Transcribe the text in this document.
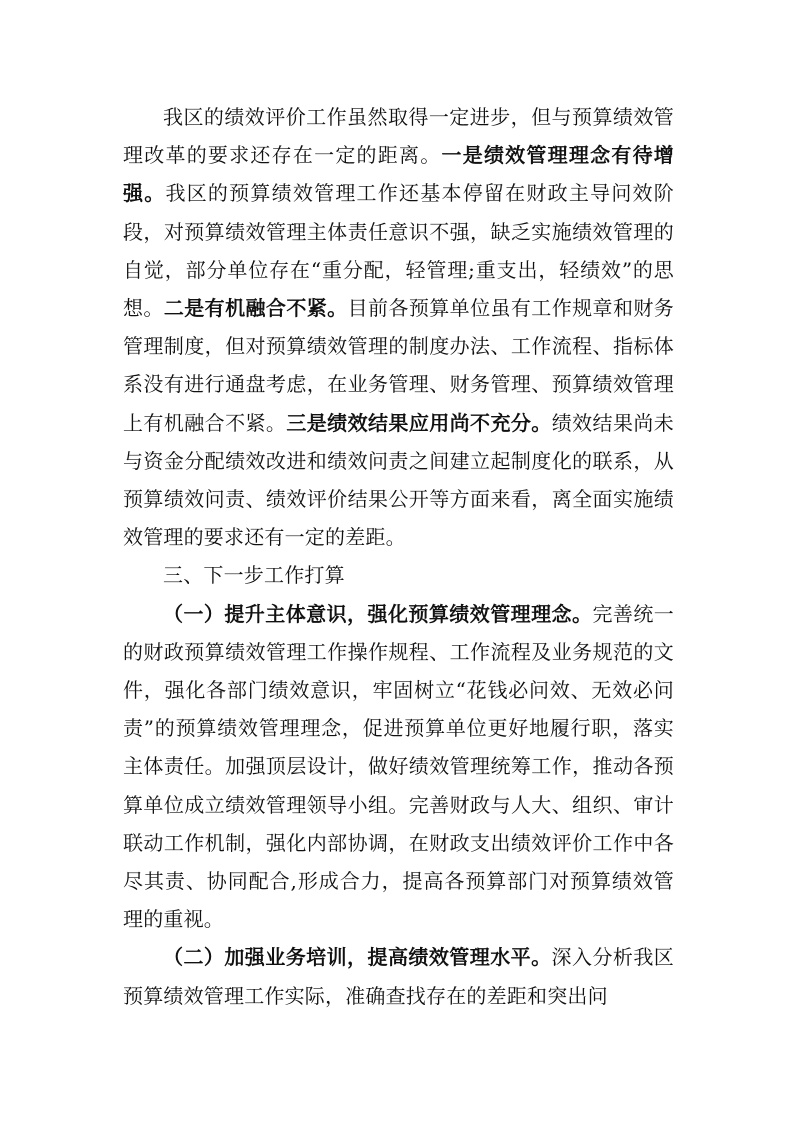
我区的绩效评价工作虽然取得一定进步，但与预算绩效管理改革的要求还存在一定的距离。一是绩效管理理念有待增强。我区的预算绩效管理工作还基本停留在财政主导问效阶段，对预算绩效管理主体责任意识不强，缺乏实施绩效管理的自觉，部分单位存在“重分配，轻管理;重支出，轻绩效”的思想。二是有机融合不紧。目前各预算单位虽有工作规章和财务管理制度，但对预算绩效管理的制度办法、工作流程、指标体系没有进行通盘考虑，在业务管理、财务管理、预算绩效管理上有机融合不紧。三是绩效结果应用尚不充分。绩效结果尚未与资金分配绩效改进和绩效问责之间建立起制度化的联系，从预算绩效问责、绩效评价结果公开等方面来看，离全面实施绩效管理的要求还有一定的差距。

三、下一步工作打算

（一）提升主体意识，强化预算绩效管理理念。完善统一的财政预算绩效管理工作操作规程、工作流程及业务规范的文件，强化各部门绩效意识，牢固树立“花钱必问效、无效必问责”的预算绩效管理理念，促进预算单位更好地履行职，落实主体责任。加强顶层设计，做好绩效管理统筹工作，推动各预算单位成立绩效管理领导小组。完善财政与人大、组织、审计联动工作机制，强化内部协调，在财政支出绩效评价工作中各尽其责、协同配合,形成合力，提高各预算部门对预算绩效管理的重视。

（二）加强业务培训，提高绩效管理水平。深入分析我区预算绩效管理工作实际，准确查找存在的差距和突出问
